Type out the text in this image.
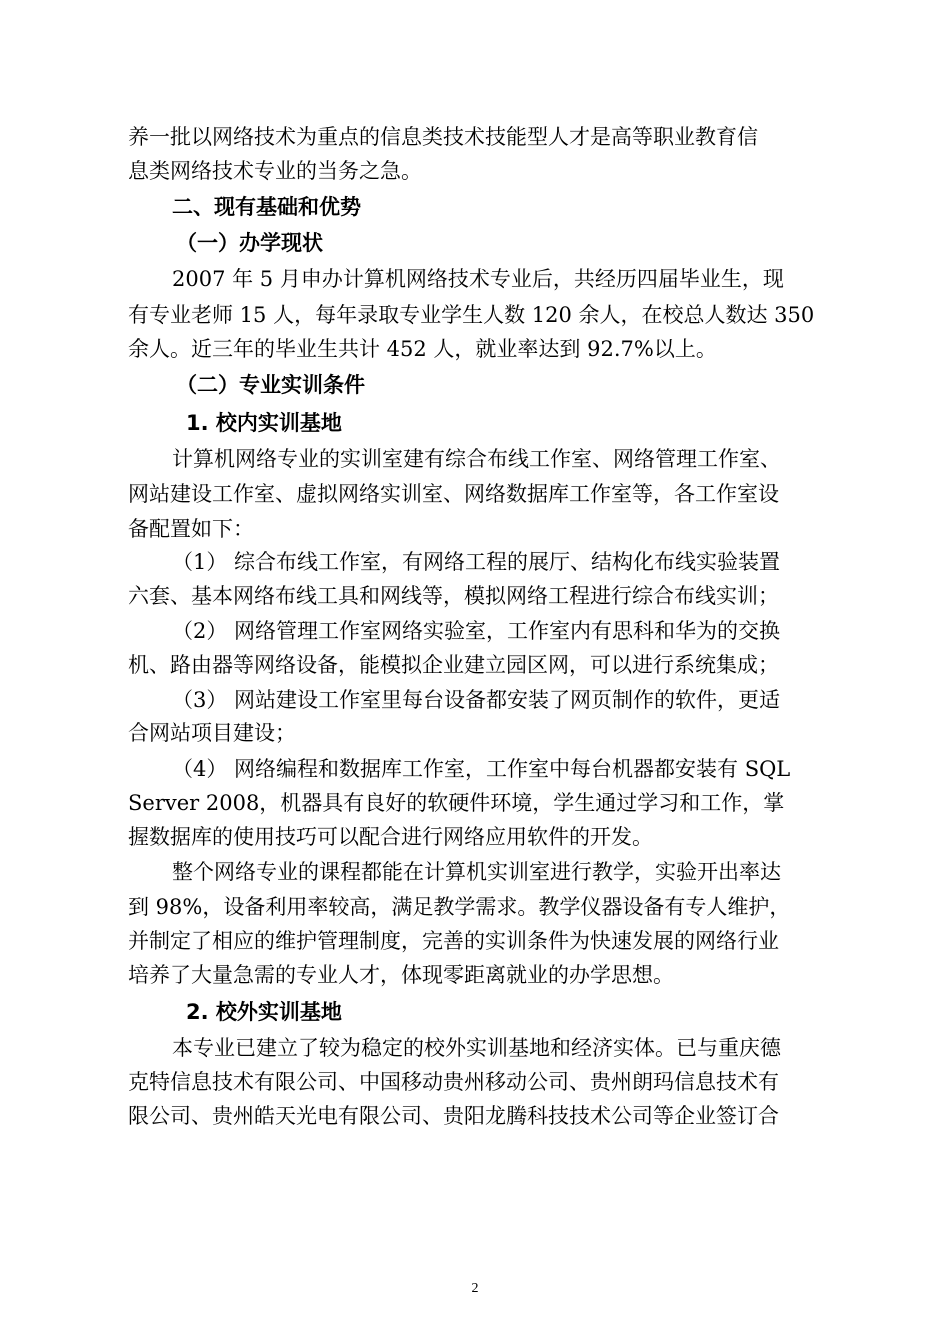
养一批以网络技术为重点的信息类技术技能型人才是高等职业教育信
息类网络技术专业的当务之急。
二、现有基础和优势
（一）办学现状
2007 年 5 月申办计算机网络技术专业后，共经历四届毕业生，现
有专业老师 15 人，每年录取专业学生人数 120 余人，在校总人数达 350
余人。近三年的毕业生共计 452 人，就业率达到 92.7%以上。
（二）专业实训条件
1. 校内实训基地
计算机网络专业的实训室建有综合布线工作室、网络管理工作室、
网站建设工作室、虚拟网络实训室、网络数据库工作室等，各工作室设
备配置如下：
（1） 综合布线工作室，有网络工程的展厅、结构化布线实验装置
六套、基本网络布线工具和网线等，模拟网络工程进行综合布线实训；
（2） 网络管理工作室网络实验室，工作室内有思科和华为的交换
机、路由器等网络设备，能模拟企业建立园区网，可以进行系统集成；
（3） 网站建设工作室里每台设备都安装了网页制作的软件，更适
合网站项目建设；
（4） 网络编程和数据库工作室，工作室中每台机器都安装有 SQL
Server 2008，机器具有良好的软硬件环境，学生通过学习和工作，掌
握数据库的使用技巧可以配合进行网络应用软件的开发。
整个网络专业的课程都能在计算机实训室进行教学，实验开出率达
到 98%，设备利用率较高，满足教学需求。教学仪器设备有专人维护，
并制定了相应的维护管理制度，完善的实训条件为快速发展的网络行业
培养了大量急需的专业人才，体现零距离就业的办学思想。
2. 校外实训基地
本专业已建立了较为稳定的校外实训基地和经济实体。已与重庆德
克特信息技术有限公司、中国移动贵州移动公司、贵州朗玛信息技术有
限公司、贵州皓天光电有限公司、贵阳龙腾科技技术公司等企业签订合
2
